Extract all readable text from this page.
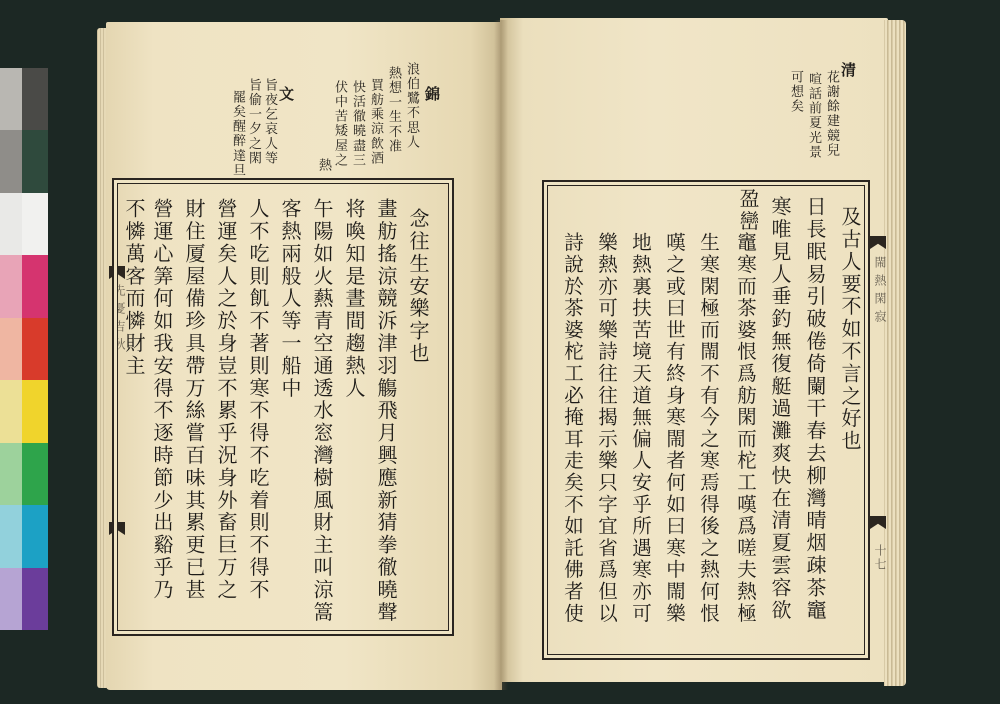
先憂吉秋
錦
浪伯鷺不思人
熱想一生不准
買舫乘涼飲酒
快活徹曉盡三
伏中苦矮屋之
熱
文
旨夜乞哀人等
旨偷一夕之閑
罷矣醒醉達旦
念往生安樂字也
畫舫搖涼競泝津羽觴飛月興應新猜拳徹曉聲
将喚知是晝間趨熱人
午陽如火爇青空通透水窓灣樹風財主叫涼篙
客熱兩般人等一船中
人不吃則飢不著則寒不得不吃着則不得不
營運矣人之於身豈不累乎況身外畜巨万之
財住厦屋備珍具帶万絲嘗百味其累更已甚
營運心筭何如我安得不逐時節少出谿乎乃
不憐萬客而憐財主
清
花謝餘建競兒
喧話前夏光景
可想矣
及古人要不如不言之好也
日長眠易引破倦倚闌干春去柳灣晴烟疎茶竈
寒唯見人垂釣無復艇過灘爽快在清夏雲容欲
盈巒
竈寒而茶婆恨爲舫閑而柁工嘆爲嗟夫熱極
生寒閑極而閙不有今之寒焉得後之熱何恨
嘆之或曰世有終身寒閙者何如曰寒中閙樂
地熱裏扶苦境天道無偏人安乎所遇寒亦可
樂熱亦可樂詩往往揭示樂只字宜省爲但以
詩說於茶婆柁工必掩耳走矣不如託佛者使	閙熱閑寂
十七
